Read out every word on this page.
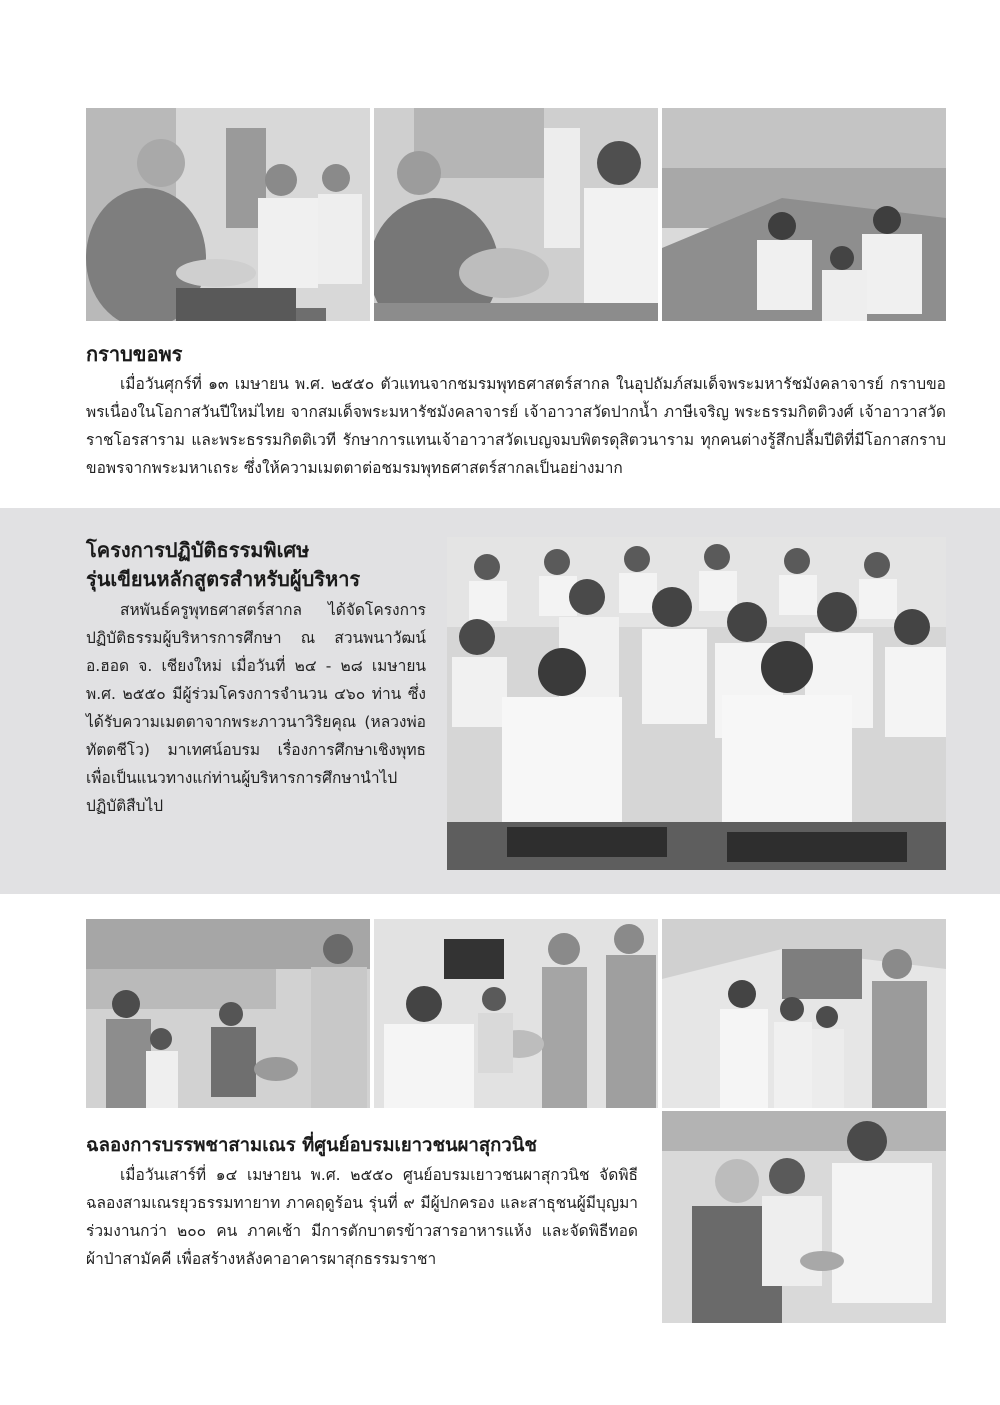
กราบขอพร

เมื่อวันศุกร์ที่ ๑๓ เมษายน พ.ศ. ๒๕๕๐ ตัวแทนจากชมรมพุทธศาสตร์สากล ในอุปถัมภ์สมเด็จพระมหารัชมังคลาจารย์ กราบขอพรเนื่องในโอกาสวันปีใหม่ไทย จากสมเด็จพระมหารัชมังคลาจารย์ เจ้าอาวาสวัดปากน้ำ ภาษีเจริญ พระธรรมกิตติวงศ์ เจ้าอาวาสวัดราชโอรสาราม และพระธรรมกิตติเวที รักษาการแทนเจ้าอาวาสวัดเบญจมบพิตรดุสิตวนาราม ทุกคนต่างรู้สึกปลื้มปีติที่มีโอกาสกราบขอพรจากพระมหาเถระ ซึ่งให้ความเมตตาต่อชมรมพุทธศาสตร์สากลเป็นอย่างมาก

โครงการปฏิบัติธรรมพิเศษ
รุ่นเขียนหลักสูตรสำหรับผู้บริหาร

สหพันธ์ครูพุทธศาสตร์สากล ได้จัดโครงการปฏิบัติธรรมผู้บริหารการศึกษา ณ สวนพนาวัฒน์ อ.ฮอด จ. เชียงใหม่ เมื่อวันที่ ๒๔ - ๒๘ เมษายน พ.ศ. ๒๕๕๐ มีผู้ร่วมโครงการจำนวน ๔๖๐ ท่าน ซึ่งได้รับความเมตตาจากพระภาวนาวิริยคุณ (หลวงพ่อทัตตชีโว) มาเทศน์อบรม เรื่องการศึกษาเชิงพุทธ เพื่อเป็นแนวทางแก่ท่านผู้บริหารการศึกษานำไปปฏิบัติสืบไป

ฉลองการบรรพชาสามเณร ที่ศูนย์อบรมเยาวชนผาสุกวนิช

เมื่อวันเสาร์ที่ ๑๔ เมษายน พ.ศ. ๒๕๕๐ ศูนย์อบรมเยาวชนผาสุกวนิช จัดพิธีฉลองสามเณรยุวธรรมทายาท ภาคฤดูร้อน รุ่นที่ ๙ มีผู้ปกครอง และสาธุชนผู้มีบุญมาร่วมงานกว่า ๒๐๐ คน ภาคเช้า มีการตักบาตรข้าวสารอาหารแห้ง และจัดพิธีทอดผ้าป่าสามัคคี เพื่อสร้างหลังคาอาคารผาสุกธรรมราชา
